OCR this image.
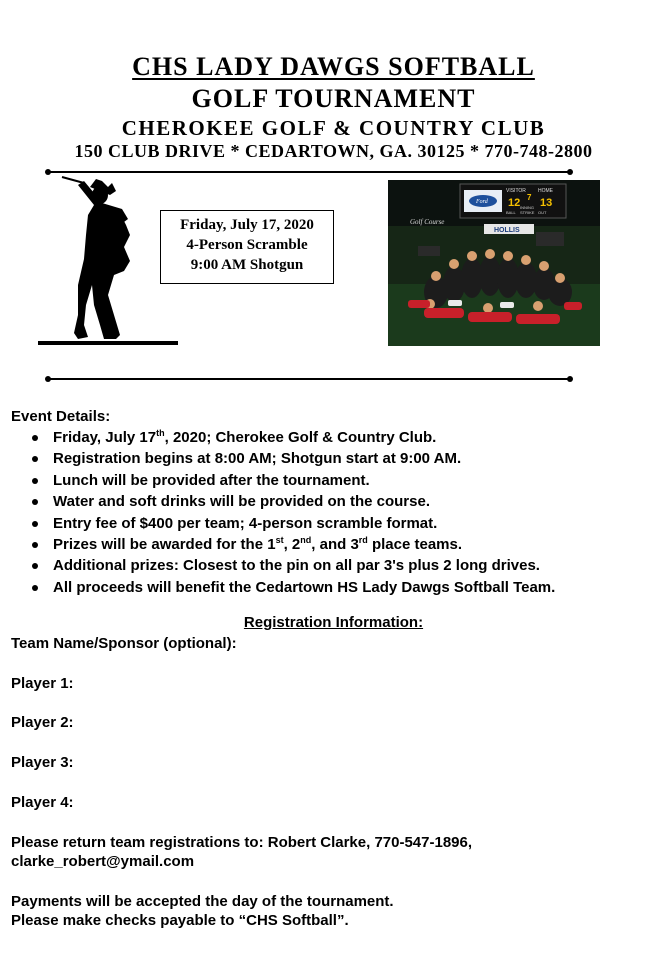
CHS LADY DAWGS SOFTBALL
GOLF TOURNAMENT
CHEROKEE GOLF & COUNTRY CLUB
150 CLUB DRIVE * CEDARTOWN, GA. 30125 * 770-748-2800
Friday, July 17, 2020
4-Person Scramble
9:00 AM Shotgun
VISITOR HOME
12 7 13
BALL
INNING
STRIKE OUT
Ford
Golf Course
HOLLIS
Event Details:
Friday, July 17th, 2020; Cherokee Golf & Country Club.
Registration begins at 8:00 AM; Shotgun start at 9:00 AM.
Lunch will be provided after the tournament.
Water and soft drinks will be provided on the course.
Entry fee of $400 per team; 4-person scramble format.
Prizes will be awarded for the 1st, 2nd, and 3rd place teams.
Additional prizes: Closest to the pin on all par 3's plus 2 long drives.
All proceeds will benefit the Cedartown HS Lady Dawgs Softball Team.
Registration Information:
Team Name/Sponsor (optional):
Player 1:
Player 2:
Player 3:
Player 4:
Please return team registrations to: Robert Clarke, 770-547-1896,
clarke_robert@ymail.com
Payments will be accepted the day of the tournament.
Please make checks payable to “CHS Softball”.
